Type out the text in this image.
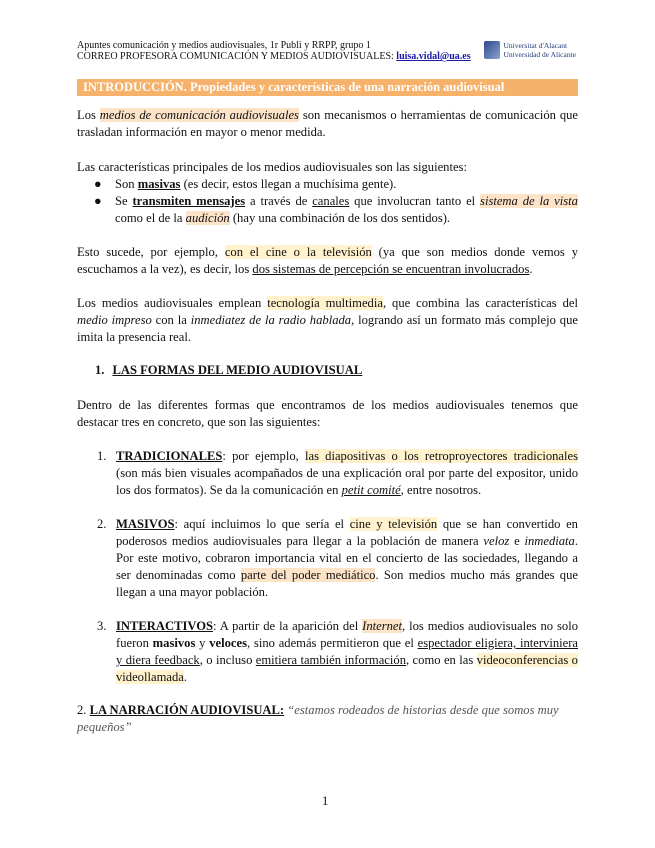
Apuntes comunicación y medios audiovisuales, 1r Publi y RRPP, grupo 1
CORREO PROFESORA COMUNICACIÓN Y MEDIOS AUDIOVISUALES: luisa.vidal@ua.es
Universitat d'Alacant
Universidad de Alicante
INTRODUCCIÓN. Propiedades y características de una narración audiovisual
Los medios de comunicación audiovisuales son mecanismos o herramientas de comunicación que trasladan información en mayor o menor medida.
Las características principales de los medios audiovisuales son las siguientes:
● Son masivas (es decir, estos llegan a muchísima gente).
● Se transmiten mensajes a través de canales que involucran tanto el sistema de la vista como el de la audición (hay una combinación de los dos sentidos).
Esto sucede, por ejemplo, con el cine o la televisión (ya que son medios donde vemos y escuchamos a la vez), es decir, los dos sistemas de percepción se encuentran involucrados.
Los medios audiovisuales emplean tecnología multimedia, que combina las características del medio impreso con la inmediatez de la radio hablada, logrando así un formato más complejo que imita la presencia real.
1. LAS FORMAS DEL MEDIO AUDIOVISUAL
Dentro de las diferentes formas que encontramos de los medios audiovisuales tenemos que destacar tres en concreto, que son las siguientes:
1. TRADICIONALES: por ejemplo, las diapositivas o los retroproyectores tradicionales (son más bien visuales acompañados de una explicación oral por parte del expositor, unido los dos formatos). Se da la comunicación en petit comité, entre nosotros.
2. MASIVOS: aquí incluimos lo que sería el cine y televisión que se han convertido en poderosos medios audiovisuales para llegar a la población de manera veloz e inmediata. Por este motivo, cobraron importancia vital en el concierto de las sociedades, llegando a ser denominadas como parte del poder mediático. Son medios mucho más grandes que llegan a una mayor población.
3. INTERACTIVOS: A partir de la aparición del Internet, los medios audiovisuales no solo fueron masivos y veloces, sino además permitieron que el espectador eligiera, interviniera y diera feedback, o incluso emitiera también información, como en las videoconferencias o videollamada.
2. LA NARRACIÓN AUDIOVISUAL: “estamos rodeados de historias desde que somos muy pequeños”
1
